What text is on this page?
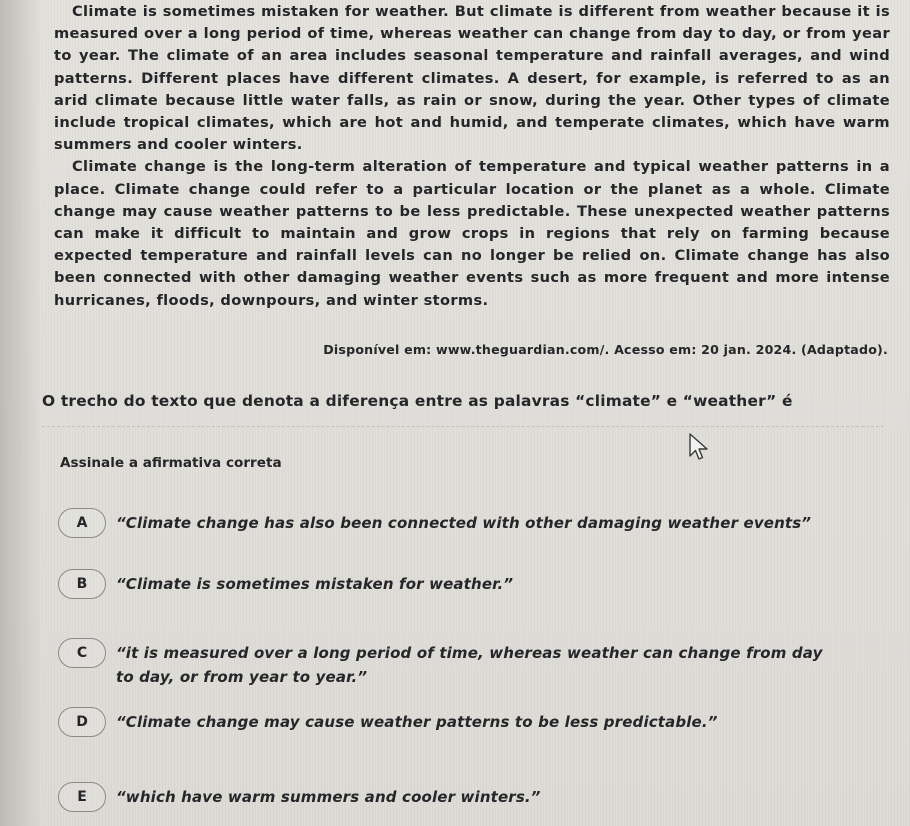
Climate is sometimes mistaken for weather. But climate is different from weather because it is measured over a long period of time, whereas weather can change from day to day, or from year to year. The climate of an area includes seasonal temperature and rainfall averages, and wind patterns. Different places have different climates. A desert, for example, is referred to as an arid climate because little water falls, as rain or snow, during the year. Other types of climate include tropical climates, which are hot and humid, and temperate climates, which have warm summers and cooler winters.

Climate change is the long-term alteration of temperature and typical weather patterns in a place. Climate change could refer to a particular location or the planet as a whole. Climate change may cause weather patterns to be less predictable. These unexpected weather patterns can make it difficult to maintain and grow crops in regions that rely on farming because expected temperature and rainfall levels can no longer be relied on. Climate change has also been connected with other damaging weather events such as more frequent and more intense hurricanes, floods, downpours, and winter storms.

Disponível em: www.theguardian.com/. Acesso em: 20 jan. 2024. (Adaptado).
O trecho do texto que denota a diferença entre as palavras “climate” e “weather” é
Assinale a afirmativa correta
A	“Climate change has also been connected with other damaging weather events”
B	“Climate is sometimes mistaken for weather.”
C	“it is measured over a long period of time, whereas weather can change from day to day, or from year to year.”
D	“Climate change may cause weather patterns to be less predictable.”
E	“which have warm summers and cooler winters.”
